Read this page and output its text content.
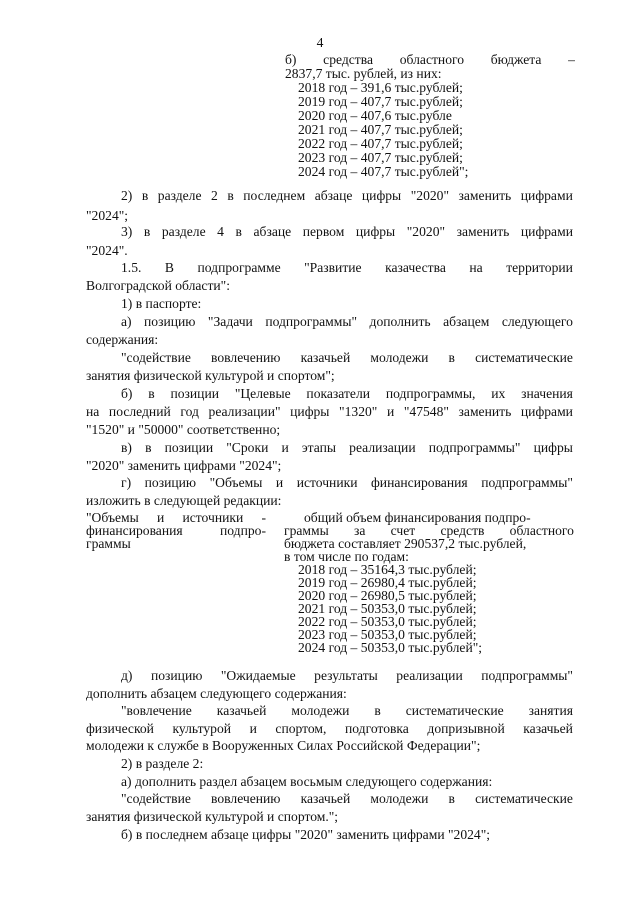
4
б) средства областного бюджета –
2837,7 тыс. рублей, из них:
2018 год – 391,6 тыс.рублей;
2019 год – 407,7 тыс.рублей;
2020 год – 407,6 тыс.рубле
2021 год – 407,7 тыс.рублей;
2022 год – 407,7 тыс.рублей;
2023 год – 407,7 тыс.рублей;
2024 год – 407,7 тыс.рублей";
2) в разделе 2 в последнем абзаце цифры "2020" заменить цифрами
"2024";
3) в разделе 4 в абзаце первом цифры "2020" заменить цифрами
"2024".
1.5. В подпрограмме "Развитие казачества на территории
Волгоградской области":
1) в паспорте:
а) позицию "Задачи подпрограммы" дополнить абзацем следующего
содержания:
"содействие вовлечению казачьей молодежи в систематические
занятия физической культурой и спортом";
б) в позиции "Целевые показатели подпрограммы, их значения
на последний год реализации" цифры "1320" и "47548" заменить цифрами
"1520" и "50000" соответственно;
в) в позиции "Сроки и этапы реализации подпрограммы" цифры
"2020" заменить цифрами "2024";
г) позицию "Объемы и источники финансирования подпрограммы"
изложить в следующей редакции:
"Объемы и источники -
финансирования	подпро-
граммы
общий объем финансирования подпро-
граммы за счет средств областного
бюджета составляет 290537,2 тыс.рублей,
в том числе по годам:
2018 год – 35164,3 тыс.рублей;
2019 год – 26980,4 тыс.рублей;
2020 год – 26980,5 тыс.рублей;
2021 год – 50353,0 тыс.рублей;
2022 год – 50353,0 тыс.рублей;
2023 год – 50353,0 тыс.рублей;
2024 год – 50353,0 тыс.рублей";
д) позицию "Ожидаемые результаты реализации подпрограммы"
дополнить абзацем следующего содержания:
"вовлечение казачьей молодежи в систематические занятия
физической культурой и спортом, подготовка допризывной казачьей
молодежи к службе в Вооруженных Силах Российской Федерации";
2) в разделе 2:
а) дополнить раздел абзацем восьмым следующего содержания:
"содействие вовлечению казачьей молодежи в систематические
занятия физической культурой и спортом.";
б) в последнем абзаце цифры "2020" заменить цифрами "2024";
